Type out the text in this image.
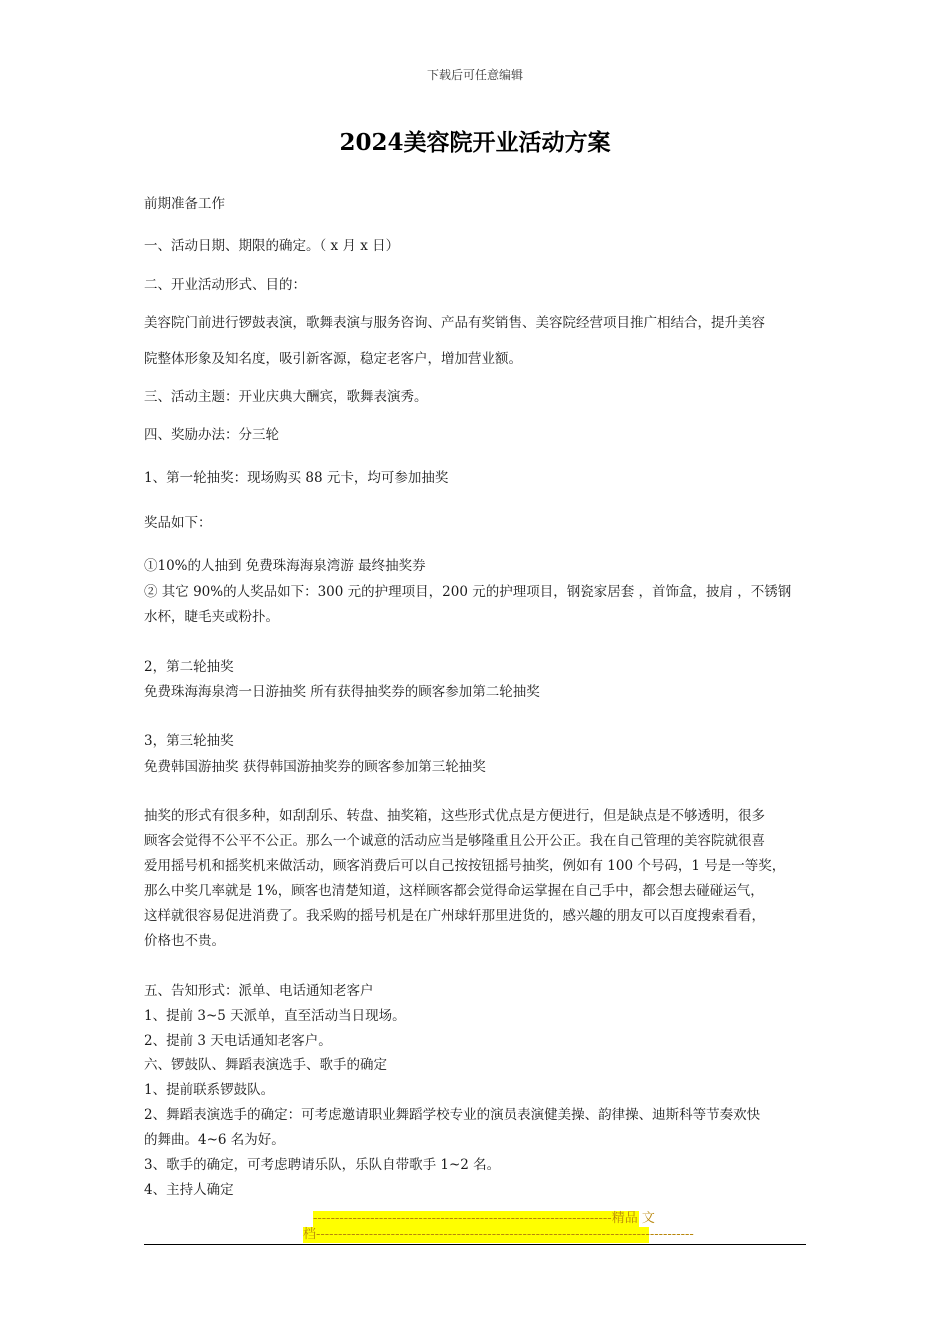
下载后可任意编辑
2024美容院开业活动方案
前期准备工作
一、活动日期、期限的确定。（ x 月 x 日）
二、开业活动形式、目的：
美容院门前进行锣鼓表演，歌舞表演与服务咨询、产品有奖销售、美容院经营项目推广相结合，提升美容
院整体形象及知名度，吸引新客源，稳定老客户，增加营业额。
三、活动主题：开业庆典大酬宾，歌舞表演秀。
四、奖励办法：分三轮
1、第一轮抽奖：现场购买 88 元卡，均可参加抽奖
奖品如下：
①10%的人抽到 免费珠海海泉湾游 最终抽奖券
② 其它 90%的人奖品如下：300 元的护理项目，200 元的护理项目，钢瓷家居套 ，首饰盒，披肩 ，不锈钢
水杯，睫毛夹或粉扑。
2，第二轮抽奖
免费珠海海泉湾一日游抽奖 所有获得抽奖券的顾客参加第二轮抽奖
3，第三轮抽奖
免费韩国游抽奖 获得韩国游抽奖券的顾客参加第三轮抽奖
抽奖的形式有很多种，如刮刮乐、转盘、抽奖箱，这些形式优点是方便进行，但是缺点是不够透明，很多
顾客会觉得不公平不公正。那么一个诚意的活动应当是够隆重且公开公正。我在自己管理的美容院就很喜
爱用摇号机和摇奖机来做活动，顾客消费后可以自己按按钮摇号抽奖，例如有 100 个号码，1 号是一等奖，
那么中奖几率就是 1%，顾客也清楚知道，这样顾客都会觉得命运掌握在自己手中，都会想去碰碰运气，
这样就很容易促进消费了。我采购的摇号机是在广州球轩那里进货的，感兴趣的朋友可以百度搜索看看，
价格也不贵。
五、告知形式：派单、电话通知老客户
1、提前 3~5 天派单，直至活动当日现场。
2、提前 3 天电话通知老客户。
六、锣鼓队、舞蹈表演选手、歌手的确定
1、提前联系锣鼓队。
2、舞蹈表演选手的确定：可考虑邀请职业舞蹈学校专业的演员表演健美操、韵律操、迪斯科等节奏欢快
的舞曲。4~6 名为好。
3、歌手的确定，可考虑聘请乐队，乐队自带歌手 1~2 名。
4、主持人确定
--------------------------------------------------------------------精品 文
档--------------------------------------------------------------------------------------
